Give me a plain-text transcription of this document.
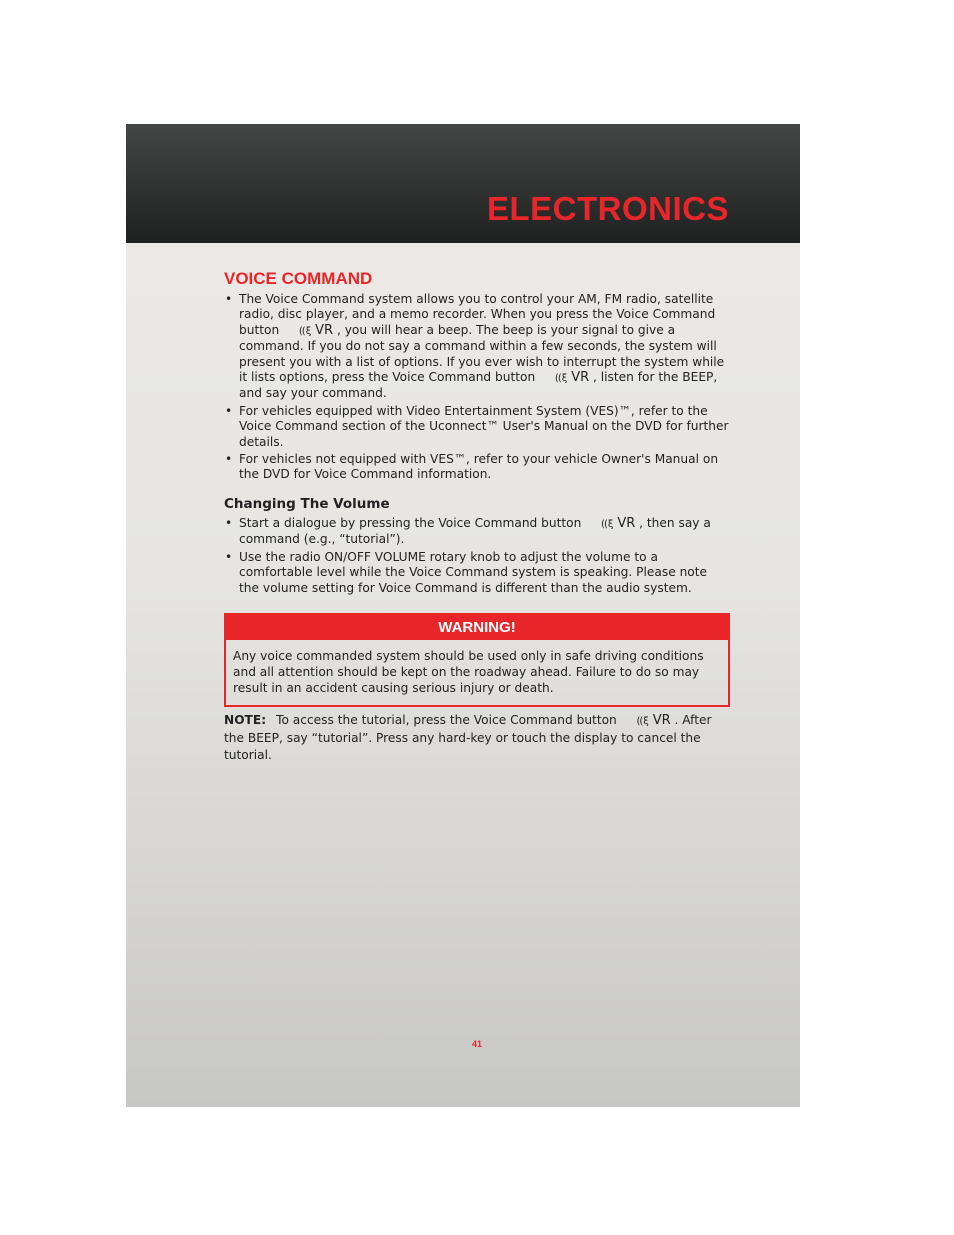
ELECTRONICS
VOICE COMMAND
• The Voice Command system allows you to control your AM, FM radio, satellite radio, disc player, and a memo recorder. When you press the Voice Command button ((ξ VR , you will hear a beep. The beep is your signal to give a command. If you do not say a command within a few seconds, the system will present you with a list of options. If you ever wish to interrupt the system while it lists options, press the Voice Command button ((ξ VR , listen for the BEEP, and say your command.
• For vehicles equipped with Video Entertainment System (VES)™, refer to the Voice Command section of the Uconnect™ User's Manual on the DVD for further details.
• For vehicles not equipped with VES™, refer to your vehicle Owner's Manual on the DVD for Voice Command information.
Changing The Volume
• Start a dialogue by pressing the Voice Command button ((ξ VR , then say a command (e.g., “tutorial”).
• Use the radio ON/OFF VOLUME rotary knob to adjust the volume to a comfortable level while the Voice Command system is speaking. Please note the volume setting for Voice Command is different than the audio system.
WARNING!
Any voice commanded system should be used only in safe driving conditions and all attention should be kept on the roadway ahead. Failure to do so may result in an accident causing serious injury or death.
NOTE: To access the tutorial, press the Voice Command button ((ξ VR . After the BEEP, say “tutorial”. Press any hard-key or touch the display to cancel the tutorial.
41
